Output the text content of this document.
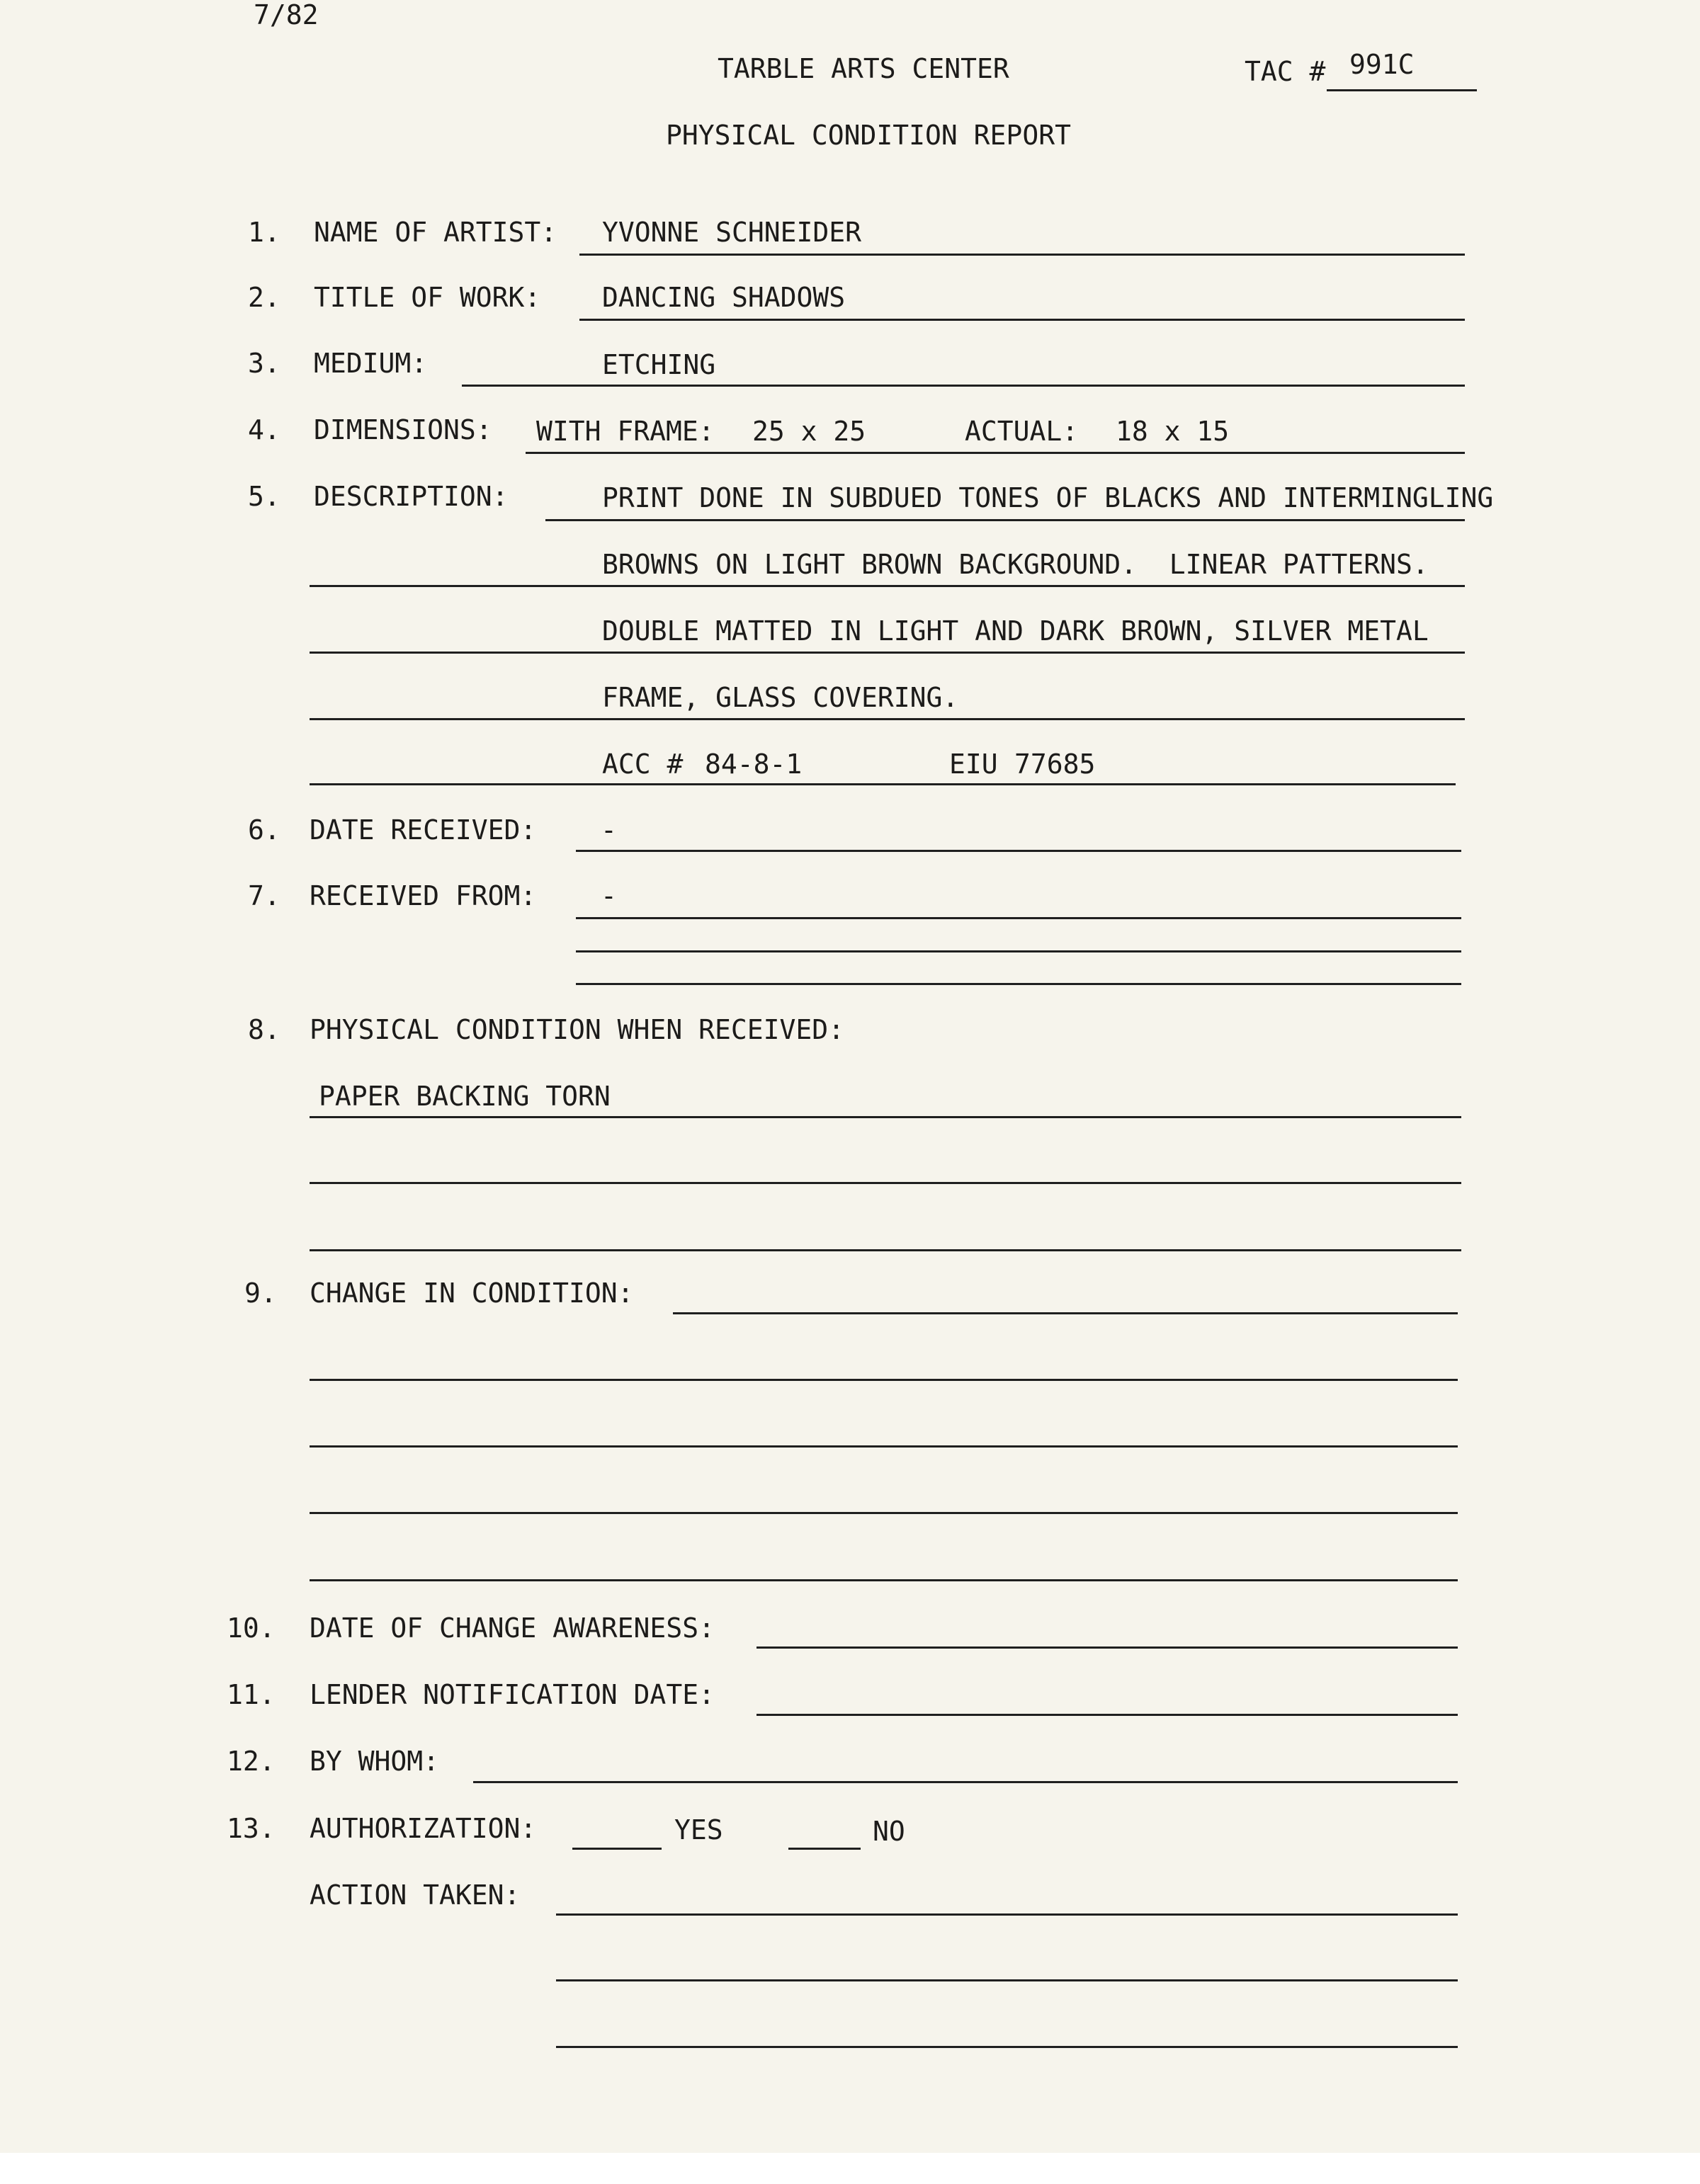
7/82
TARBLE ARTS CENTER	TAC # 991C
PHYSICAL CONDITION REPORT
1. NAME OF ARTIST: YVONNE SCHNEIDER
2. TITLE OF WORK: DANCING SHADOWS
3. MEDIUM:	ETCHING
4. DIMENSIONS: WITH FRAME: 25 x 25	ACTUAL: 18 x 15
5. DESCRIPTION:	PRINT DONE IN SUBDUED TONES OF BLACKS AND INTERMINGLING
BROWNS ON LIGHT BROWN BACKGROUND.  LINEAR PATTERNS.
DOUBLE MATTED IN LIGHT AND DARK BROWN, SILVER METAL
FRAME, GLASS COVERING.
ACC # 84-8-1	EIU 77685
6. DATE RECEIVED: -
7. RECEIVED FROM: -
8. PHYSICAL CONDITION WHEN RECEIVED:
PAPER BACKING TORN
9. CHANGE IN CONDITION:
10. DATE OF CHANGE AWARENESS:
11. LENDER NOTIFICATION DATE:
12. BY WHOM:
13. AUTHORIZATION:	YES	NO
ACTION TAKEN:
